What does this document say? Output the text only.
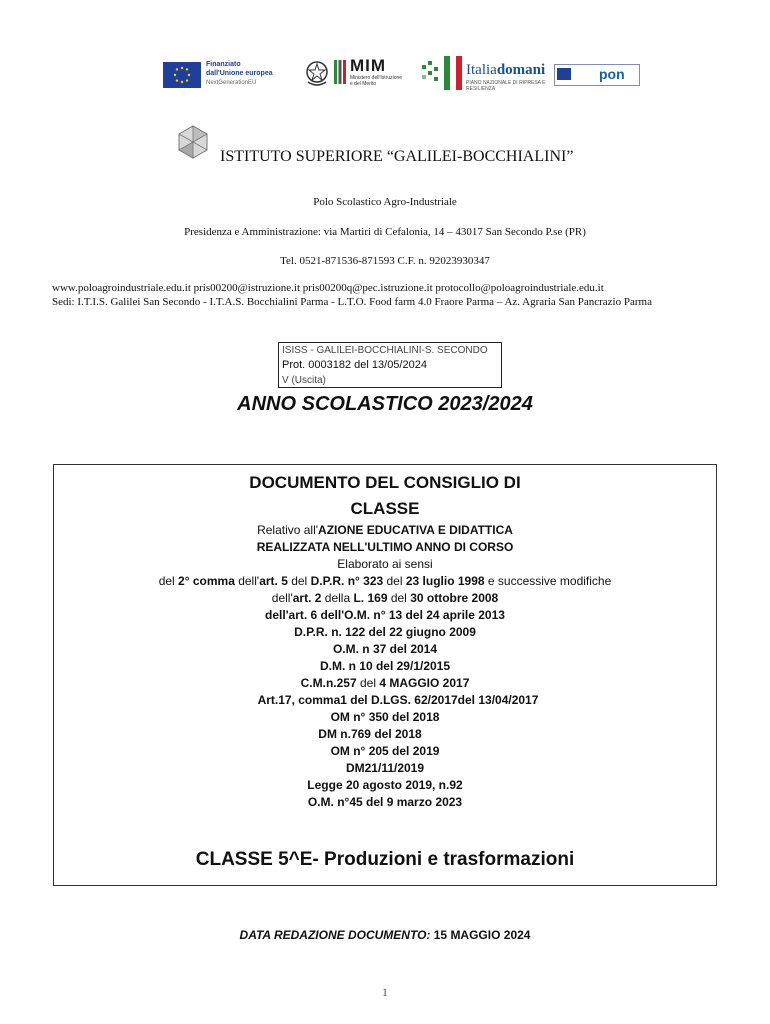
Finanziato
dall'Unione europea
NextGenerationEU
MIM
Ministero dell'Istruzione
e del Merito
Italiadomani
PIANO NAZIONALE DI RIPRESA E RESILIENZA
pon
ISTITUTO SUPERIORE “GALILEI-BOCCHIALINI”
Polo Scolastico Agro-Industriale
Presidenza e Amministrazione: via Martiri di Cefalonia, 14 – 43017 San Secondo P.se (PR)
Tel. 0521-871536-871593 C.F. n. 92023930347
www.poloagroindustriale.edu.it pris00200@istruzione.it pris00200q@pec.istruzione.it protocollo@poloagroindustriale.edu.it
Sedi: I.T.I.S. Galilei San Secondo - I.T.A.S. Bocchialini Parma - L.T.O. Food farm 4.0 Fraore Parma – Az. Agraria San Pancrazio Parma
ISISS - GALILEI-BOCCHIALINI-S. SECONDO
Prot. 0003182 del 13/05/2024
V (Uscita)
ANNO SCOLASTICO 2023/2024
DOCUMENTO DEL CONSIGLIO DI
CLASSE
Relativo all'AZIONE EDUCATIVA E DIDATTICA
REALIZZATA NELL'ULTIMO ANNO DI CORSO
Elaborato ai sensi
del 2° comma dell'art. 5 del D.P.R. n° 323 del 23 luglio 1998 e successive modifiche
dell'art. 2 della L. 169 del 30 ottobre 2008
dell'art. 6 dell'O.M. n° 13 del 24 aprile 2013
D.P.R. n. 122 del 22 giugno 2009
O.M. n 37 del 2014
D.M. n 10 del 29/1/2015
C.M.n.257 del 4 MAGGIO 2017
Art.17, comma1 del D.LGS. 62/2017del 13/04/2017
OM n° 350 del 2018
DM n.769 del 2018
OM n° 205 del 2019
DM21/11/2019
Legge 20 agosto 2019, n.92
O.M. n°45 del 9 marzo 2023
CLASSE 5^E- Produzioni e trasformazioni
DATA REDAZIONE DOCUMENTO: 15 MAGGIO 2024
1
